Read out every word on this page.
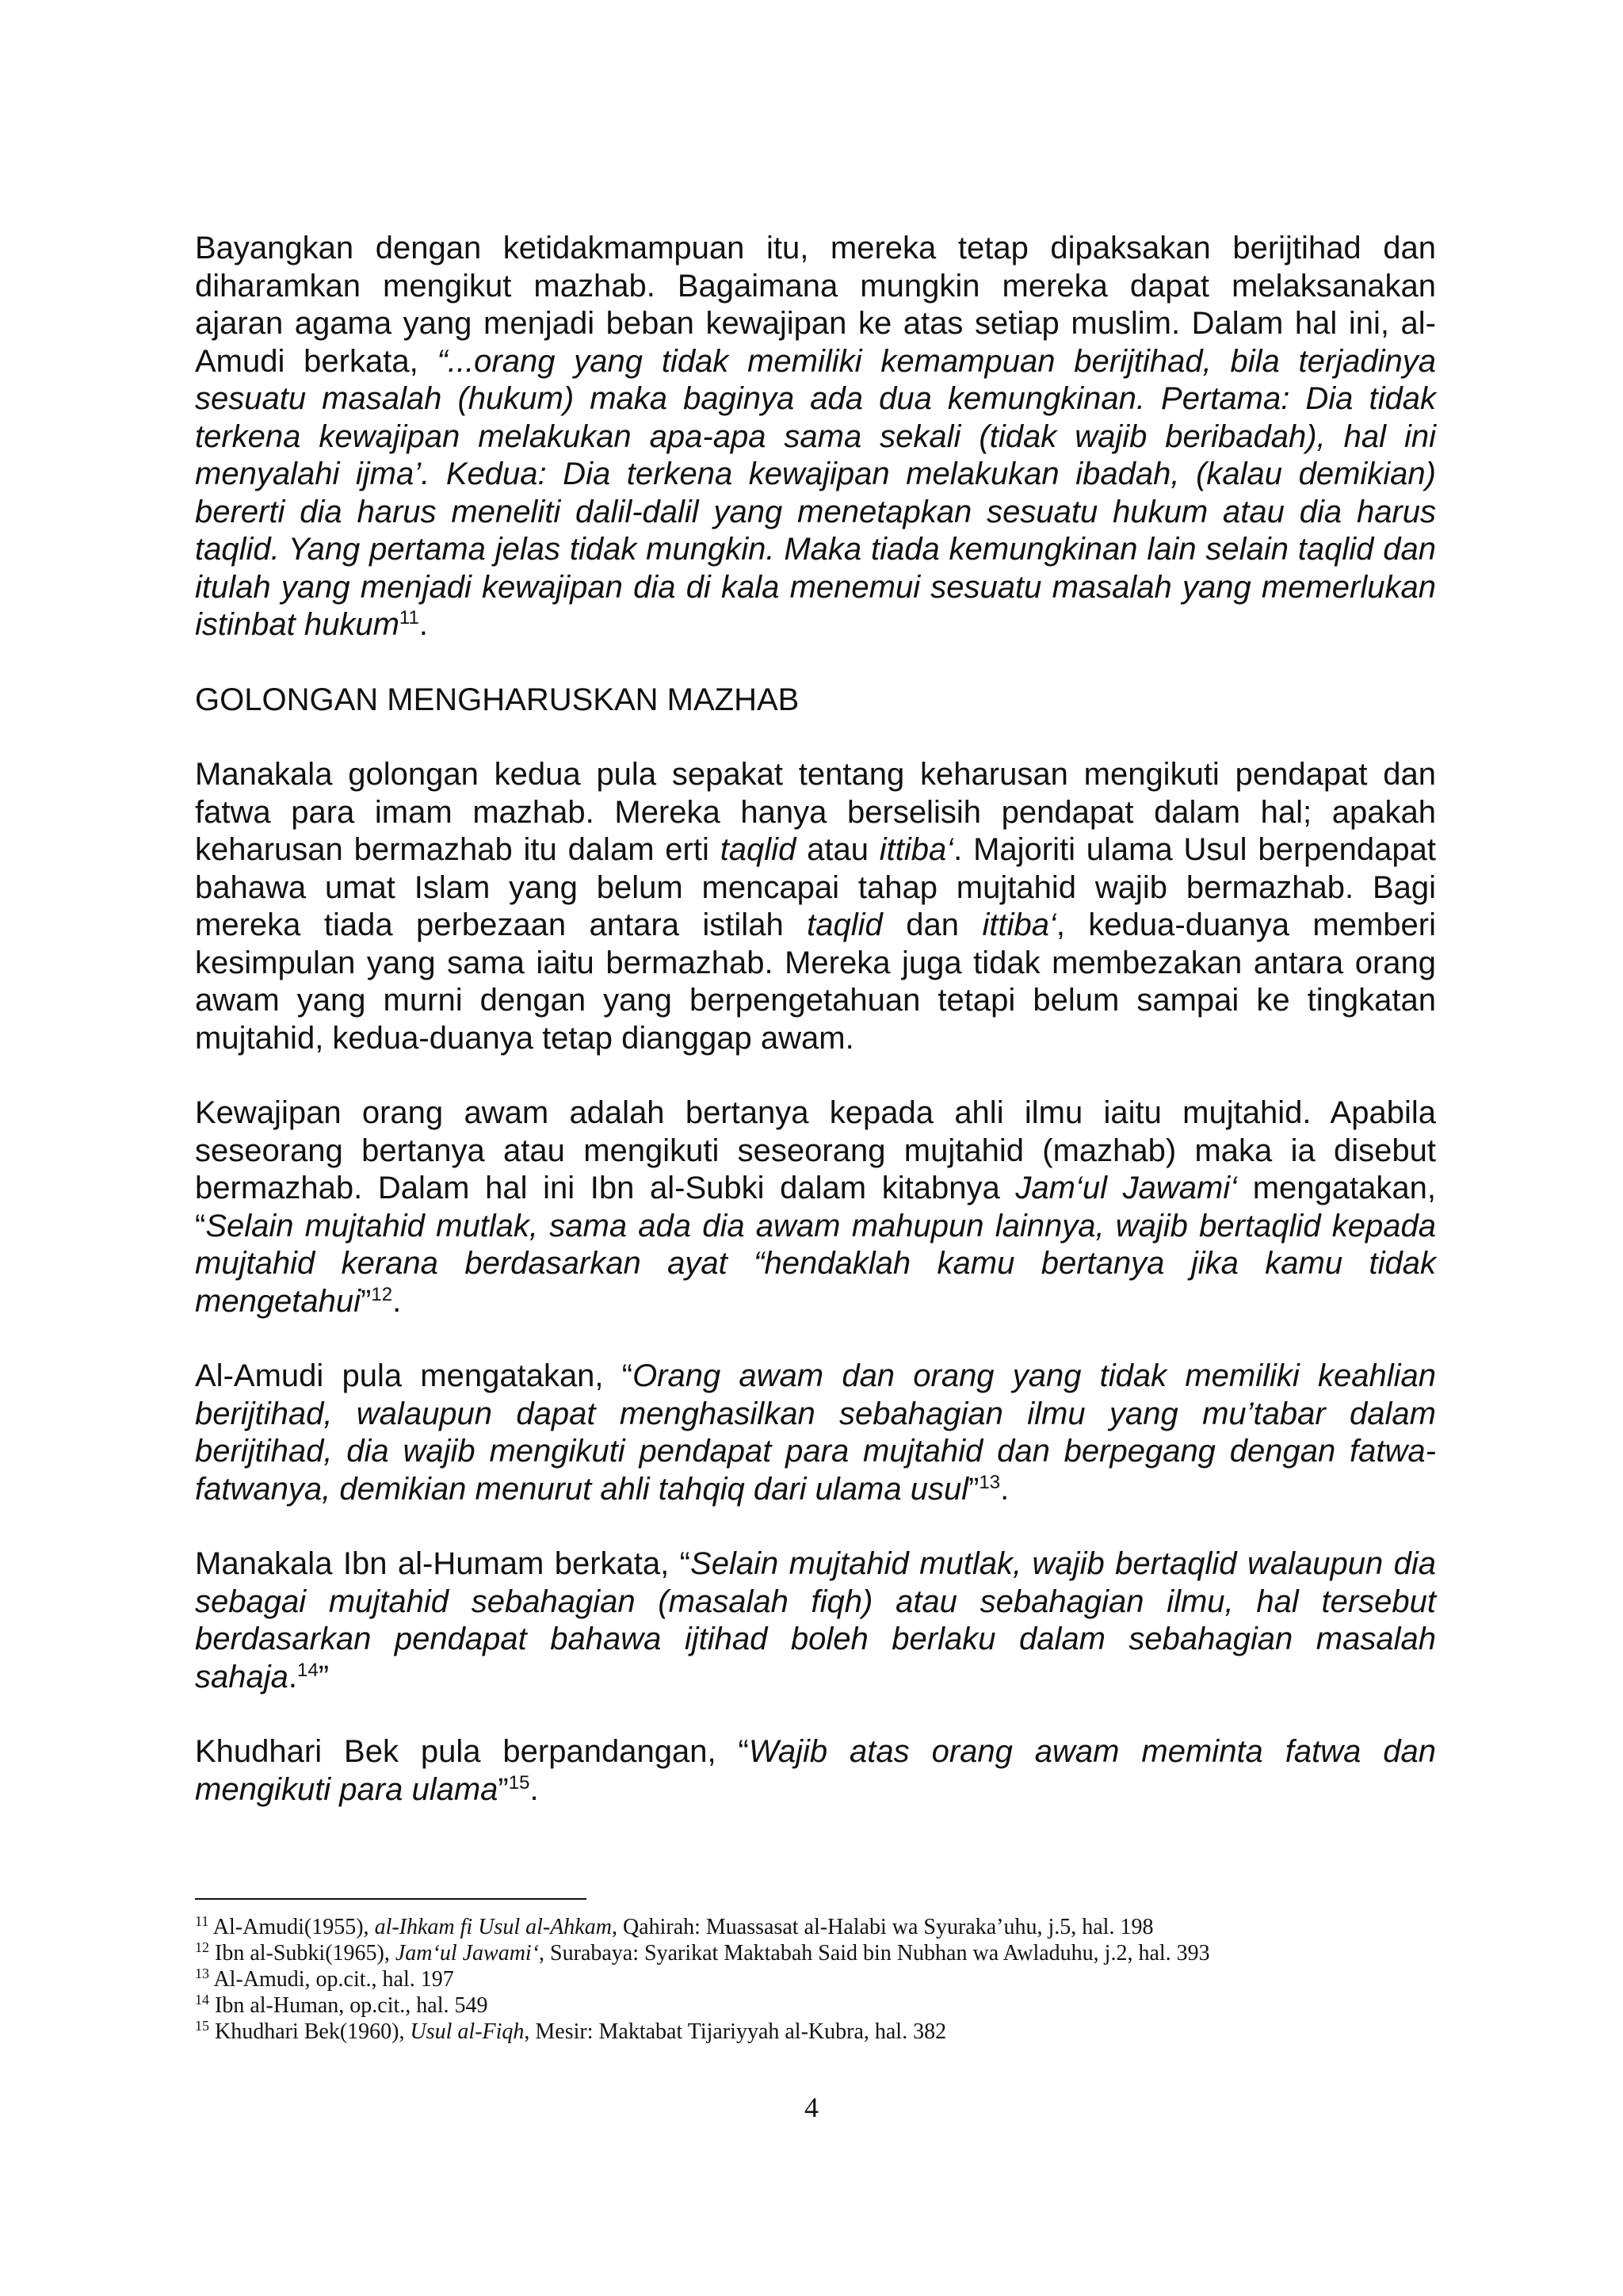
Bayangkan dengan ketidakmampuan itu, mereka tetap dipaksakan berijtihad dan diharamkan mengikut mazhab. Bagaimana mungkin mereka dapat melaksanakan ajaran agama yang menjadi beban kewajipan ke atas setiap muslim. Dalam hal ini, al-Amudi berkata, “...orang yang tidak memiliki kemampuan berijtihad, bila terjadinya sesuatu masalah (hukum) maka baginya ada dua kemungkinan. Pertama: Dia tidak terkena kewajipan melakukan apa-apa sama sekali (tidak wajib beribadah), hal ini menyalahi ijma’. Kedua: Dia terkena kewajipan melakukan ibadah, (kalau demikian) bererti dia harus meneliti dalil-dalil yang menetapkan sesuatu hukum atau dia harus taqlid. Yang pertama jelas tidak mungkin. Maka tiada kemungkinan lain selain taqlid dan itulah yang menjadi kewajipan dia di kala menemui sesuatu masalah yang memerlukan istinbat hukum$^{11}$.

GOLONGAN MENGHARUSKAN MAZHAB

Manakala golongan kedua pula sepakat tentang keharusan mengikuti pendapat dan fatwa para imam mazhab. Mereka hanya berselisih pendapat dalam hal; apakah keharusan bermazhab itu dalam erti taqlid atau ittiba‘. Majoriti ulama Usul berpendapat bahawa umat Islam yang belum mencapai tahap mujtahid wajib bermazhab. Bagi mereka tiada perbezaan antara istilah taqlid dan ittiba‘, kedua-duanya memberi kesimpulan yang sama iaitu bermazhab. Mereka juga tidak membezakan antara orang awam yang murni dengan yang berpengetahuan tetapi belum sampai ke tingkatan mujtahid, kedua-duanya tetap dianggap awam.

Kewajipan orang awam adalah bertanya kepada ahli ilmu iaitu mujtahid. Apabila seseorang bertanya atau mengikuti seseorang mujtahid (mazhab) maka ia disebut bermazhab. Dalam hal ini Ibn al-Subki dalam kitabnya Jam‘ul Jawami‘ mengatakan, “Selain mujtahid mutlak, sama ada dia awam mahupun lainnya, wajib bertaqlid kepada mujtahid kerana berdasarkan ayat “hendaklah kamu bertanya jika kamu tidak mengetahui”$^{12}$.

Al-Amudi pula mengatakan, “Orang awam dan orang yang tidak memiliki keahlian berijtihad, walaupun dapat menghasilkan sebahagian ilmu yang mu’tabar dalam berijtihad, dia wajib mengikuti pendapat para mujtahid dan berpegang dengan fatwa-fatwanya, demikian menurut ahli tahqiq dari ulama usul”$^{13}$.

Manakala Ibn al-Humam berkata, “Selain mujtahid mutlak, wajib bertaqlid walaupun dia sebagai mujtahid sebahagian (masalah fiqh) atau sebahagian ilmu, hal tersebut berdasarkan pendapat bahawa ijtihad boleh berlaku dalam sebahagian masalah sahaja.$^{14}$”

Khudhari Bek pula berpandangan, “Wajib atas orang awam meminta fatwa dan mengikuti para ulama”$^{15}$.

$^{11}$ Al-Amudi(1955), al-Ihkam fi Usul al-Ahkam, Qahirah: Muassasat al-Halabi wa Syuraka’uhu, j.5, hal. 198
$^{12}$ Ibn al-Subki(1965), Jam‘ul Jawami‘, Surabaya: Syarikat Maktabah Said bin Nubhan wa Awladuhu, j.2, hal. 393
$^{13}$ Al-Amudi, op.cit., hal. 197
$^{14}$ Ibn al-Human, op.cit., hal. 549
$^{15}$ Khudhari Bek(1960), Usul al-Fiqh, Mesir: Maktabat Tijariyyah al-Kubra, hal. 382
4
